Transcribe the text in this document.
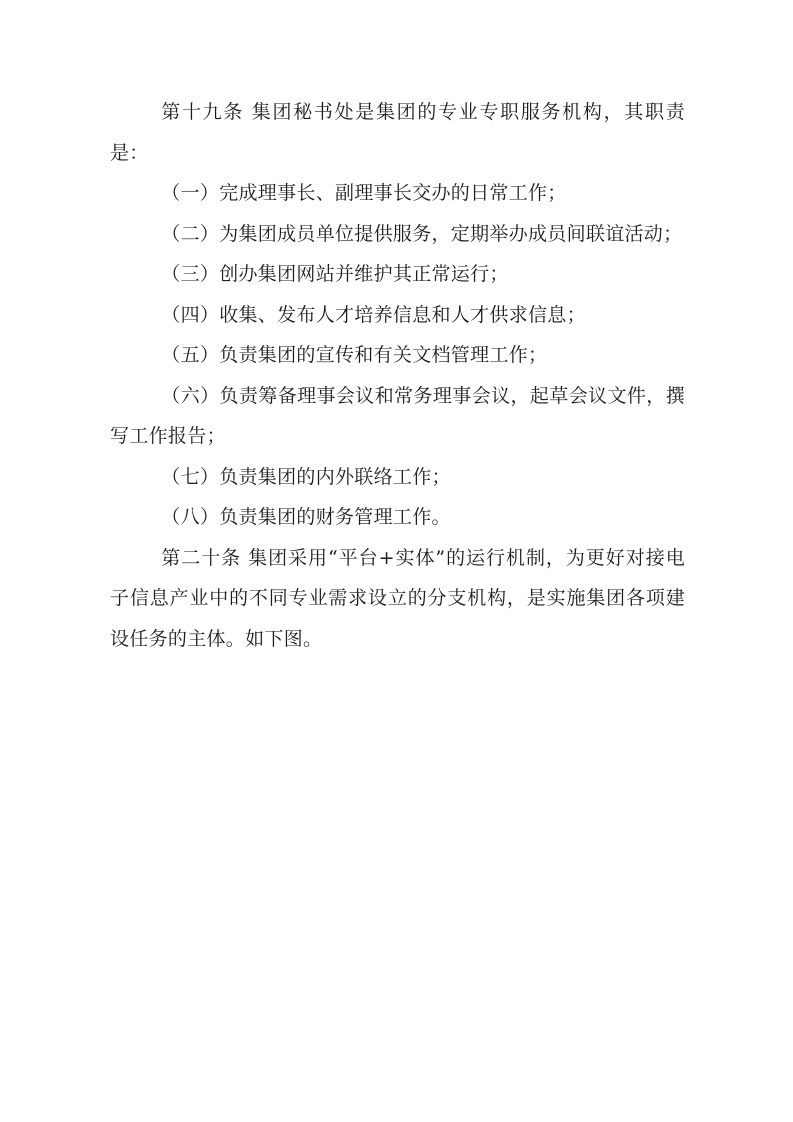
第十九条 集团秘书处是集团的专业专职服务机构，其职责是：

（一）完成理事长、副理事长交办的日常工作；

（二）为集团成员单位提供服务，定期举办成员间联谊活动；

（三）创办集团网站并维护其正常运行；

（四）收集、发布人才培养信息和人才供求信息；

（五）负责集团的宣传和有关文档管理工作；

（六）负责筹备理事会议和常务理事会议，起草会议文件，撰写工作报告；

（七）负责集团的内外联络工作；

（八）负责集团的财务管理工作。

第二十条 集团采用“平台+实体”的运行机制，为更好对接电子信息产业中的不同专业需求设立的分支机构，是实施集团各项建设任务的主体。如下图。
